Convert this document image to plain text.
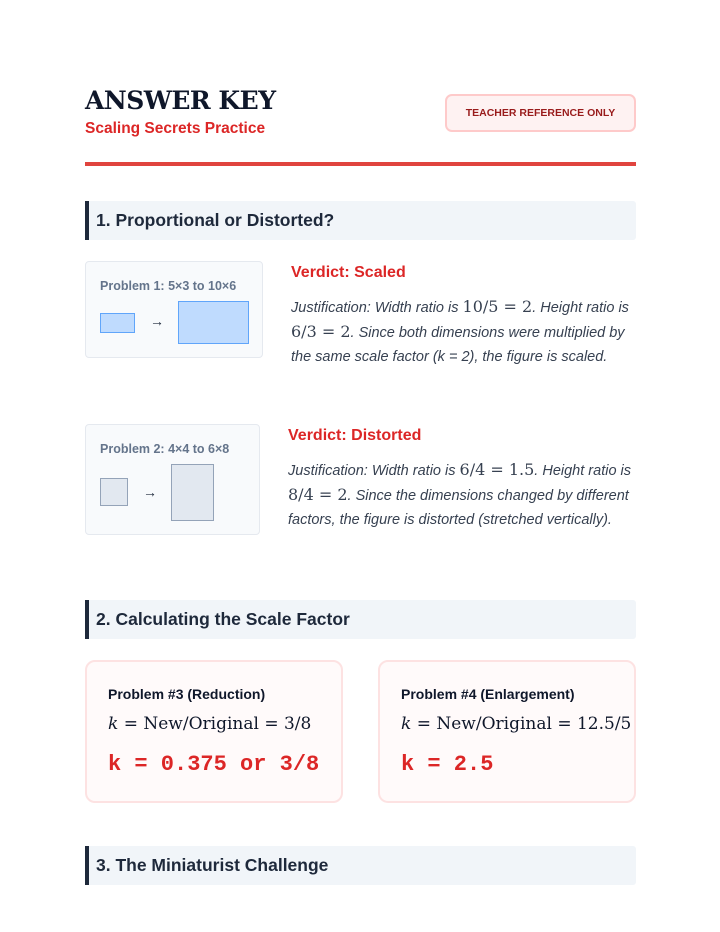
ANSWER KEY
Scaling Secrets Practice
TEACHER REFERENCE ONLY
1. Proportional or Distorted?
Problem 1: 5×3 to 10×6
→
Verdict: Scaled
Justification: Width ratio is 10/5 = 2. Height ratio is 6/3 = 2. Since both dimensions were multiplied by the same scale factor (k = 2), the figure is scaled.
Problem 2: 4×4 to 6×8
→
Verdict: Distorted
Justification: Width ratio is 6/4 = 1.5. Height ratio is 8/4 = 2. Since the dimensions changed by different factors, the figure is distorted (stretched vertically).
2. Calculating the Scale Factor
Problem #3 (Reduction)
k = New/Original = 3/8
k = 0.375 or 3/8
Problem #4 (Enlargement)
k = New/Original = 12.5/5
k = 2.5
3. The Miniaturist Challenge
